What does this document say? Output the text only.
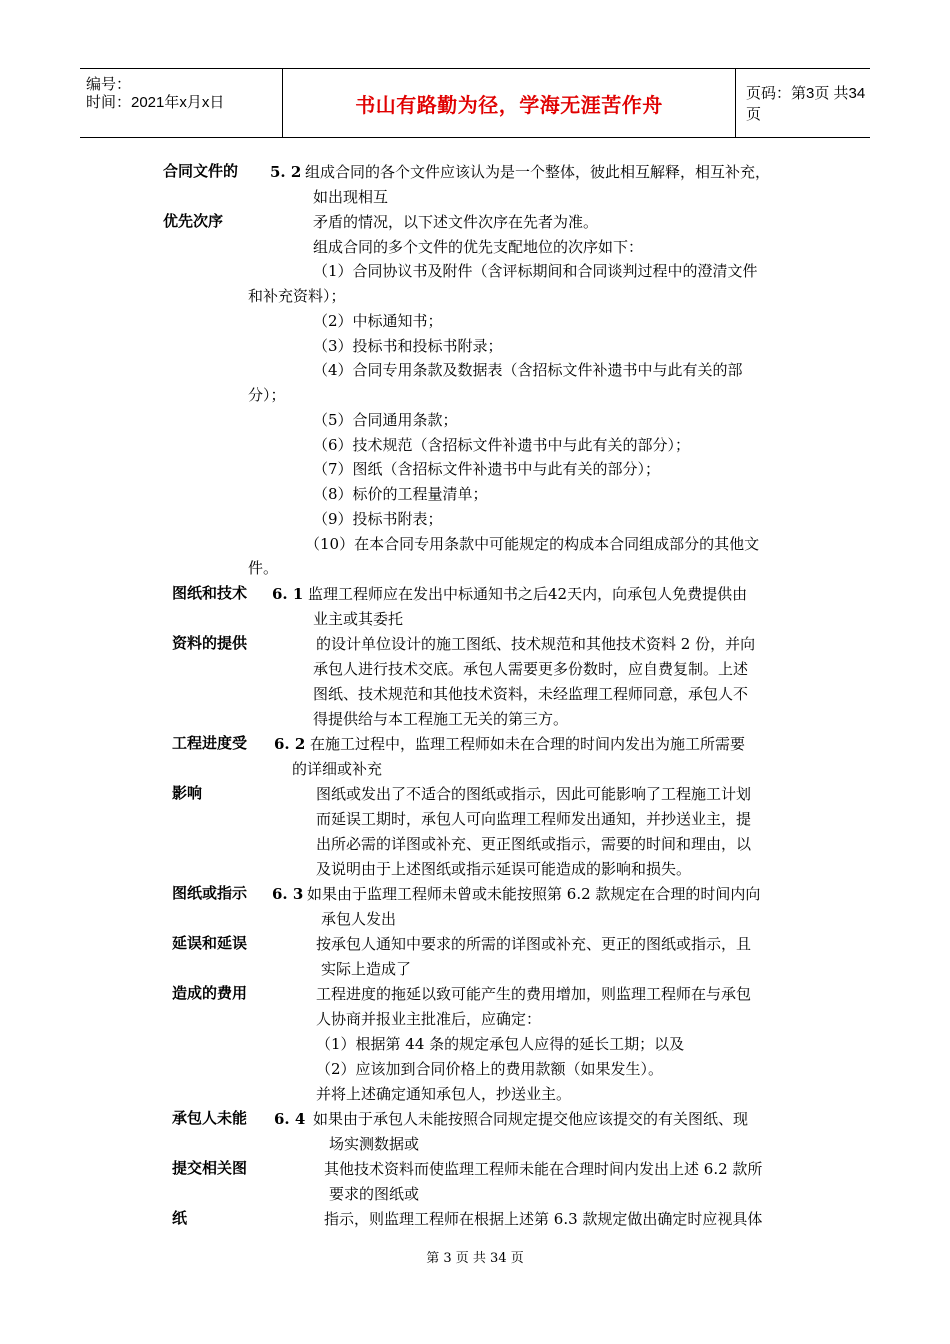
编号：
时间：2021年x月x日	书山有路勤为径，学海无涯苦作舟
页码：第3页 共34页
合同文件的 5. 2 组成合同的各个文件应该认为是一个整体，彼此相互解释，相互补充，
如出现相互
优先次序	矛盾的情况，以下述文件次序在先者为准。
组成合同的多个文件的优先支配地位的次序如下：
（1）合同协议书及附件（含评标期间和合同谈判过程中的澄清文件
和补充资料）；
（2）中标通知书；
（3）投标书和投标书附录；
（4）合同专用条款及数据表（含招标文件补遗书中与此有关的部
分）；
（5）合同通用条款；
（6）技术规范（含招标文件补遗书中与此有关的部分）；
（7）图纸（含招标文件补遗书中与此有关的部分）；
（8）标价的工程量清单；
（9）投标书附表；
（10）在本合同专用条款中可能规定的构成本合同组成部分的其他文
件。
图纸和技术 6. 1 监理工程师应在发出中标通知书之后42天内，向承包人免费提供由
业主或其委托
资料的提供	的设计单位设计的施工图纸、技术规范和其他技术资料 2 份，并向
承包人进行技术交底。承包人需要更多份数时，应自费复制。上述
图纸、技术规范和其他技术资料，未经监理工程师同意，承包人不
得提供给与本工程施工无关的第三方。
工程进度受 6. 2 在施工过程中，监理工程师如未在合理的时间内发出为施工所需要
的详细或补充
影响	图纸或发出了不适合的图纸或指示，因此可能影响了工程施工计划
而延误工期时，承包人可向监理工程师发出通知，并抄送业主，提
出所必需的详图或补充、更正图纸或指示，需要的时间和理由，以
及说明由于上述图纸或指示延误可能造成的影响和损失。
图纸或指示 6. 3 如果由于监理工程师未曾或未能按照第 6.2 款规定在合理的时间内向
承包人发出
延误和延误	按承包人通知中要求的所需的详图或补充、更正的图纸或指示，且
实际上造成了
造成的费用	工程进度的拖延以致可能产生的费用增加，则监理工程师在与承包
人协商并报业主批准后，应确定：
（1）根据第 44 条的规定承包人应得的延长工期；以及
（2）应该加到合同价格上的费用款额（如果发生）。
并将上述确定通知承包人，抄送业主。
承包人未能 6. 4 如果由于承包人未能按照合同规定提交他应该提交的有关图纸、现
场实测数据或
提交相关图	其他技术资料而使监理工程师未能在合理时间内发出上述 6.2 款所
要求的图纸或
纸	指示，则监理工程师在根据上述第 6.3 款规定做出确定时应视具体
第 3 页 共 34 页
